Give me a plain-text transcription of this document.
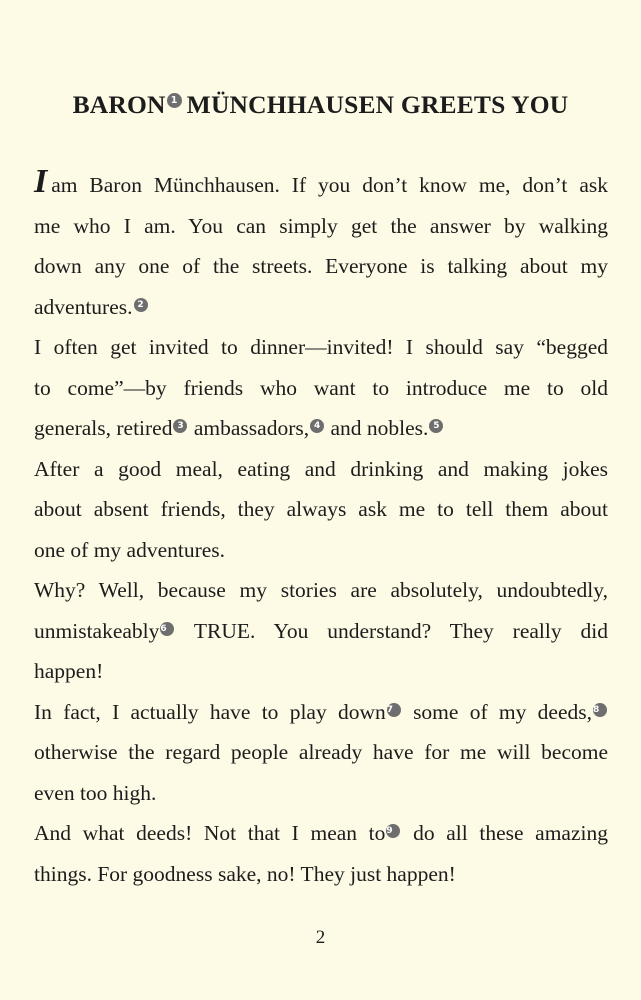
BARON 1 MÜNCHHAUSEN GREETS YOU
Iam Baron Münchhausen. If you don’t know me, don’t ask
me who I am. You can simply get the answer by walking
down any one of the streets. Everyone is talking about my
adventures. 2
I often get invited to dinner—invited! I should say “begged
to come”—by friends who want to introduce me to old
generals, retired 3 ambassadors, 4 and nobles. 5
After a good meal, eating and drinking and making jokes
about absent friends, they always ask me to tell them about
one of my adventures.
Why? Well, because my stories are absolutely, undoubtedly,
unmistakeably6 TRUE. You understand? They really did
happen!
In fact, I actually have to play down7 some of my deeds,8
otherwise the regard people already have for me will become
even too high.
And what deeds! Not that I mean to9 do all these amazing
things. For goodness sake, no! They just happen!
2
